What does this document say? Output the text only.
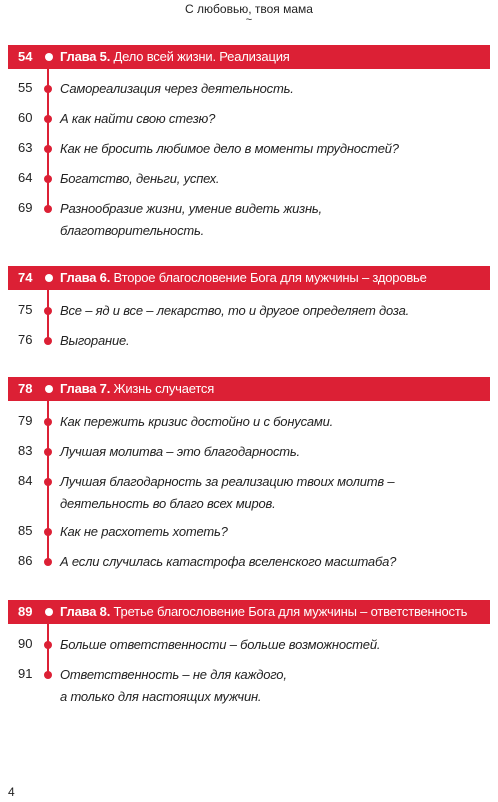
С любовью, твоя мама
~
54 Глава 5. Дело всей жизни. Реализация
55 Самореализация через деятельность.
60 А как найти свою стезю?
63 Как не бросить любимое дело в моменты трудностей?
64 Богатство, деньги, успех.
69 Разнообразие жизни, умение видеть жизнь,
благотворительность.
74 Глава 6. Второе благословение Бога для мужчины – здоровье
75 Все – яд и все – лекарство, то и другое определяет доза.
76 Выгорание.
78 Глава 7. Жизнь случается
79 Как пережить кризис достойно и с бонусами.
83 Лучшая молитва – это благодарность.
84 Лучшая благодарность за реализацию твоих молитв –
деятельность во благо всех миров.
85 Как не расхотеть хотеть?
86 А если случилась катастрофа вселенского масштаба?
89 Глава 8. Третье благословение Бога для мужчины – ответственность
90 Больше ответственности – больше возможностей.
91 Ответственность – не для каждого,
а только для настоящих мужчин.
4
